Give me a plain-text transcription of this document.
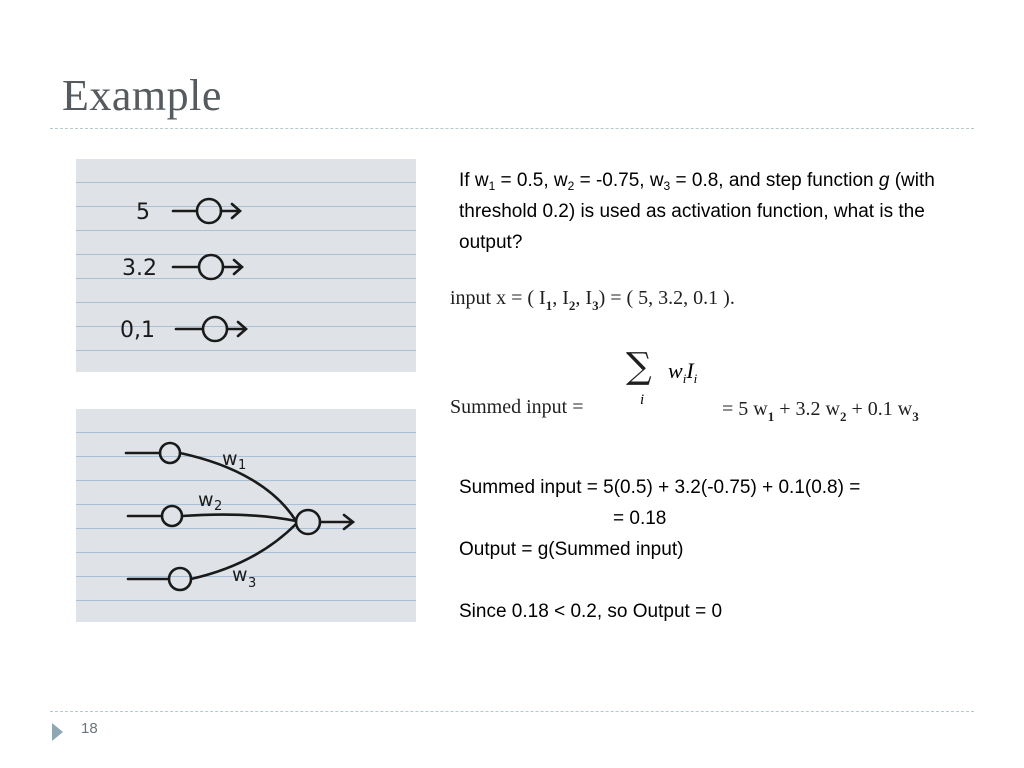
Example
5
3.2
0,1
w 1
w 2
w 3
If $w_1 = 0.5$, $w_2 = -0.75$, $w_3 = 0.8$, and step function g (with threshold 0.2) is used as activation function, what is the output?
input x = ( $I_1$, $I_2$, $I_3$) = ( 5, 3.2, 0.1 ).
Summed input =
∑
i
$w_iI_i$
= 5 $w_1 + 3.2$ $w_2 + 0.1$ $w_3$
Summed input = 5(0.5) + 3.2(-0.75) + 0.1(0.8) =
= 0.18
Output = g(Summed input)
Since 0.18 < 0.2, so Output = 0
18
